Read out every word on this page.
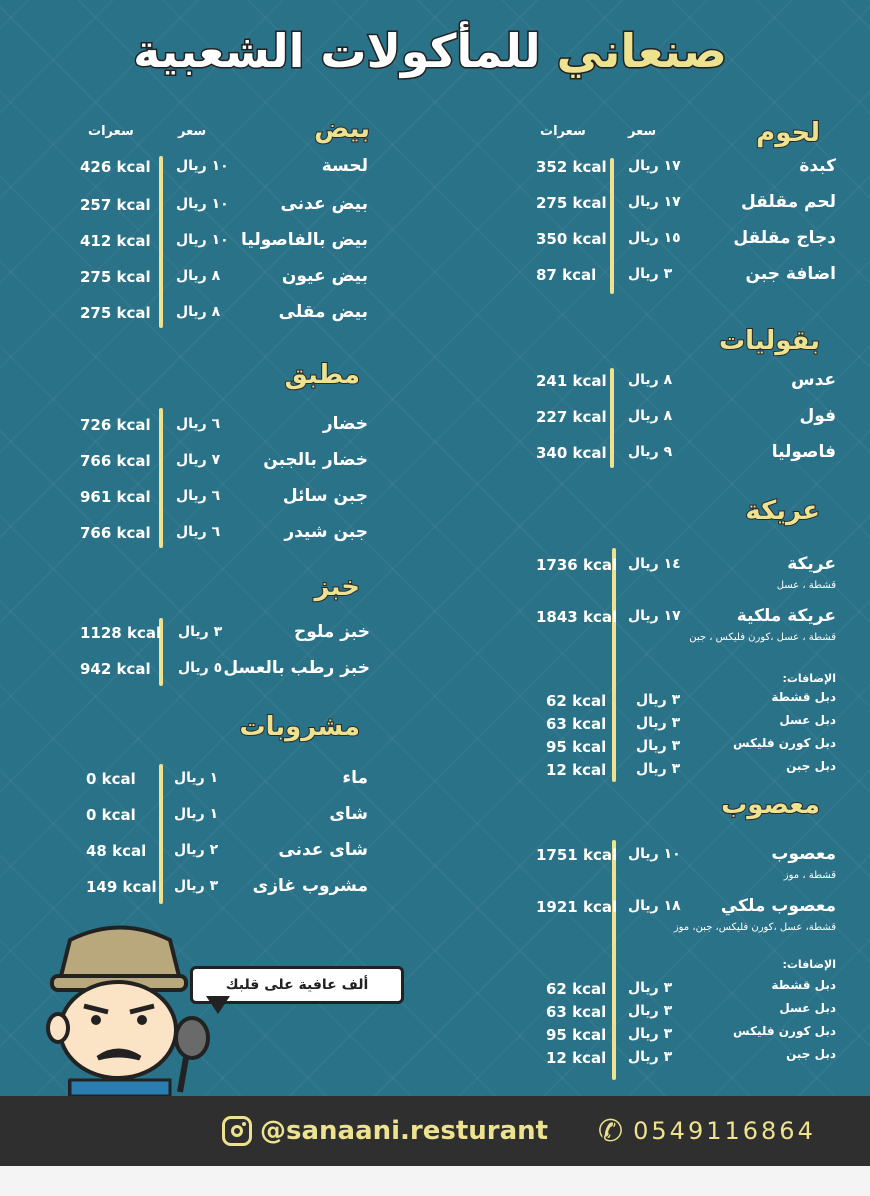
صنعاني للمأكولات الشعبية
لحوم
سعر
سعرات
بقوليات
عريكة
الإضافات:
معصوب
الإضافات:
بيض
سعر
سعرات
مطبق
خبز
مشروبات
ألف عافية على قلبك
@sanaani.resturant ✆ 0549116864
كبدة
١٧ ريال
352 kcal
لحم مقلقل
١٧ ريال
275 kcal
دجاج مقلقل
١٥ ريال
350 kcal
اضافة جبن
٣ ريال
87 kcal
عدس
٨ ريال
241 kcal
فول
٨ ريال
227 kcal
فاصوليا
٩ ريال
340 kcal
عريكة
١٤ ريال
1736 kcal
قشطة ، عسل
عريكة ملكية
١٧ ريال
1843 kcal
قشطة ، عسل ،كورن فليكس ، جبن
دبل قشطة
٣ ريال
62 kcal
دبل عسل
٣ ريال
63 kcal
دبل كورن فليكس
٣ ريال
95 kcal
دبل جبن
٣ ريال
12 kcal
معصوب
١٠ ريال
1751 kcal
قشطة ، موز
معصوب ملكي
١٨ ريال
1921 kcal
قشطة، عسل ،كورن فليكس، جبن، موز
دبل قشطة
٣ ريال
62 kcal
دبل عسل
٣ ريال
63 kcal
دبل كورن فليكس
٣ ريال
95 kcal
دبل جبن
٣ ريال
12 kcal
لحسة
١٠ ريال
426 kcal
بيض عدنى
١٠ ريال
257 kcal
بيض بالفاصوليا
١٠ ريال
412 kcal
بيض عيون
٨ ريال
275 kcal
بيض مقلى
٨ ريال
275 kcal
خضار
٦ ريال
726 kcal
خضار بالجبن
٧ ريال
766 kcal
جبن سائل
٦ ريال
961 kcal
جبن شيدر
٦ ريال
766 kcal
خبز ملوح
٣ ريال
1128 kcal
خبز رطب بالعسل
٥ ريال
942 kcal
ماء
١ ريال
0 kcal
شاى
١ ريال
0 kcal
شاى عدنى
٢ ريال
48 kcal
مشروب غازى
٣ ريال
149 kcal
